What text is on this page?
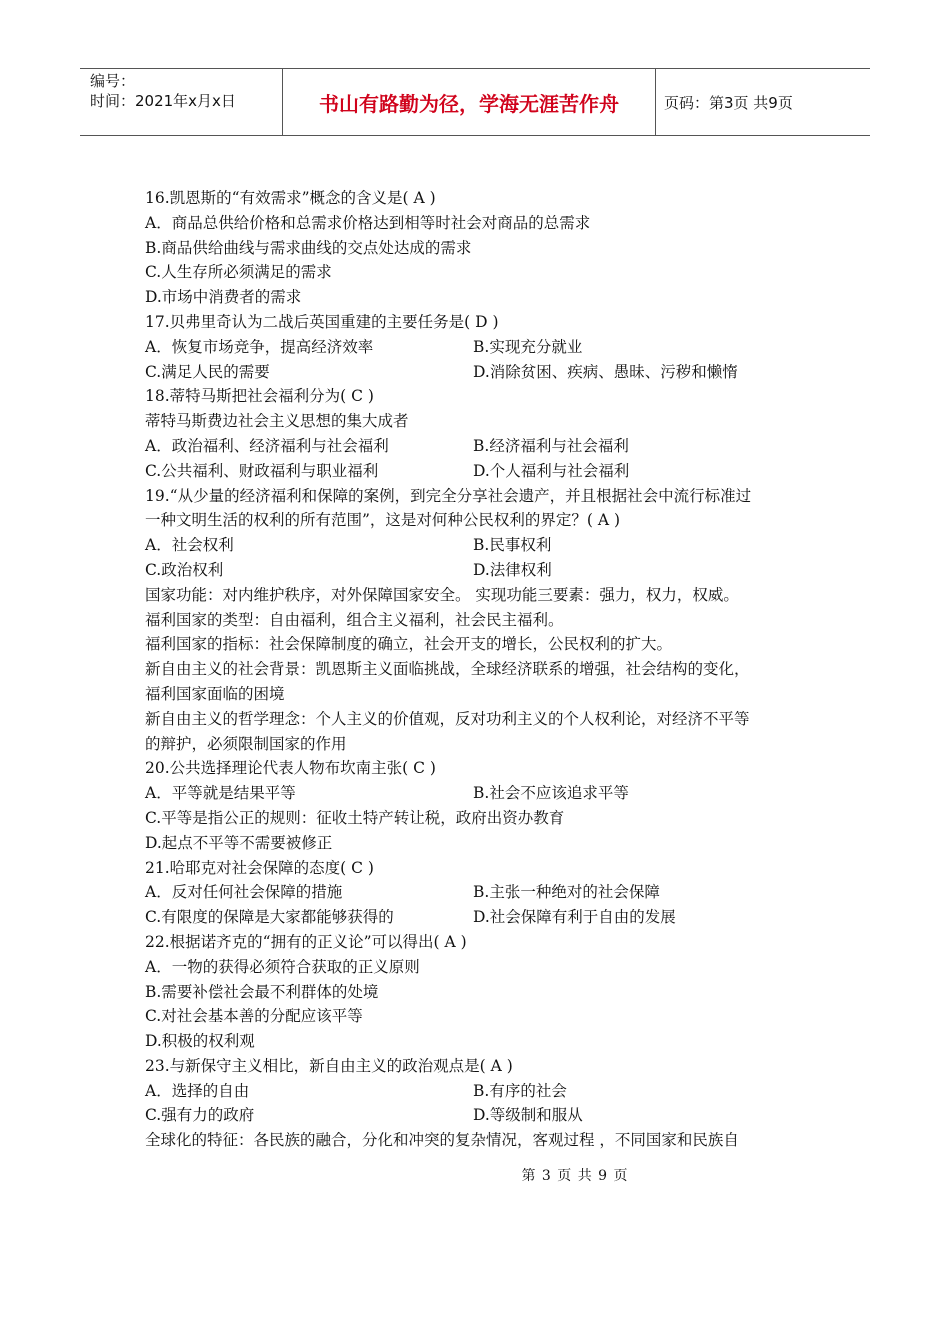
编号：
时间：2021年x月x日	书山有路勤为径，学海无涯苦作舟	页码：第3页 共9页
16.凯恩斯的“有效需求”概念的含义是( A )
A．商品总供给价格和总需求价格达到相等时社会对商品的总需求
B.商品供给曲线与需求曲线的交点处达成的需求
C.人生存所必须满足的需求
D.市场中消费者的需求
17.贝弗里奇认为二战后英国重建的主要任务是( D )
A．恢复市场竞争，提高经济效率	B.实现充分就业
C.满足人民的需要	D.消除贫困、疾病、愚昧、污秽和懒惰
18.蒂特马斯把社会福利分为( C )
蒂特马斯费边社会主义思想的集大成者
A．政治福利、经济福利与社会福利	B.经济福利与社会福利
C.公共福利、财政福利与职业福利	D.个人福利与社会福利
19.“从少量的经济福利和保障的案例，到完全分享社会遗产，并且根据社会中流行标准过
一种文明生活的权利的所有范围”，这是对何种公民权利的界定？( A )
A．社会权利	B.民事权利
C.政治权利	D.法律权利
国家功能：对内维护秩序，对外保障国家安全。 实现功能三要素：强力，权力，权威。
福利国家的类型：自由福利，组合主义福利，社会民主福利。
福利国家的指标：社会保障制度的确立，社会开支的增长，公民权利的扩大。
新自由主义的社会背景：凯恩斯主义面临挑战，全球经济联系的增强，社会结构的变化，
福利国家面临的困境
新自由主义的哲学理念：个人主义的价值观，反对功利主义的个人权利论，对经济不平等
的辩护，必须限制国家的作用
20.公共选择理论代表人物布坎南主张( C )
A．平等就是结果平等	B.社会不应该追求平等
C.平等是指公正的规则：征收土特产转让税，政府出资办教育
D.起点不平等不需要被修正
21.哈耶克对社会保障的态度( C )
A．反对任何社会保障的措施	B.主张一种绝对的社会保障
C.有限度的保障是大家都能够获得的	D.社会保障有利于自由的发展
22.根据诺齐克的“拥有的正义论”可以得出( A )
A．一物的获得必须符合获取的正义原则
B.需要补偿社会最不利群体的处境
C.对社会基本善的分配应该平等
D.积极的权利观
23.与新保守主义相比，新自由主义的政治观点是( A )
A．选择的自由	B.有序的社会
C.强有力的政府	D.等级制和服从
全球化的特征：各民族的融合，分化和冲突的复杂情况，客观过程 ，不同国家和民族自
第 3 页 共 9 页
